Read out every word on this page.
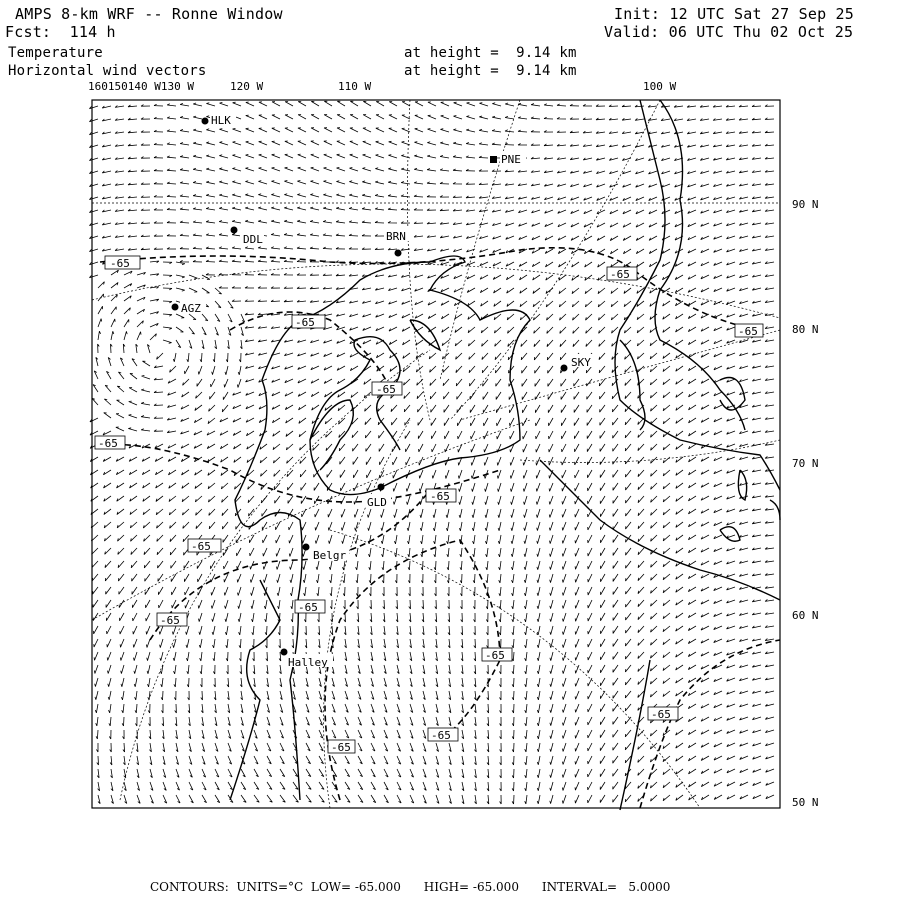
AMPS 8-km WRF -- Ronne Window
Fcst:  114 h
Init: 12 UTC Sat 27 Sep 25
Valid: 06 UTC Thu 02 Oct 25
Temperature	at height =  9.14 km
Horizontal wind vectors	at height =  9.14 km
160150140 W130 W	120 W	110 W	100 W
90 N
80 N
70 N
60 N
50 N
HLK
PNE
DDL	BRN
AGZ
SKY
GLD
Belgr
Halley
-65
-65
-65
-65
-65
-65
-65
-65
-65
-65
-65
-65
-65
-65
CONTOURS:  UNITS=°C  LOW= -65.000      HIGH= -65.000      INTERVAL=   5.0000
